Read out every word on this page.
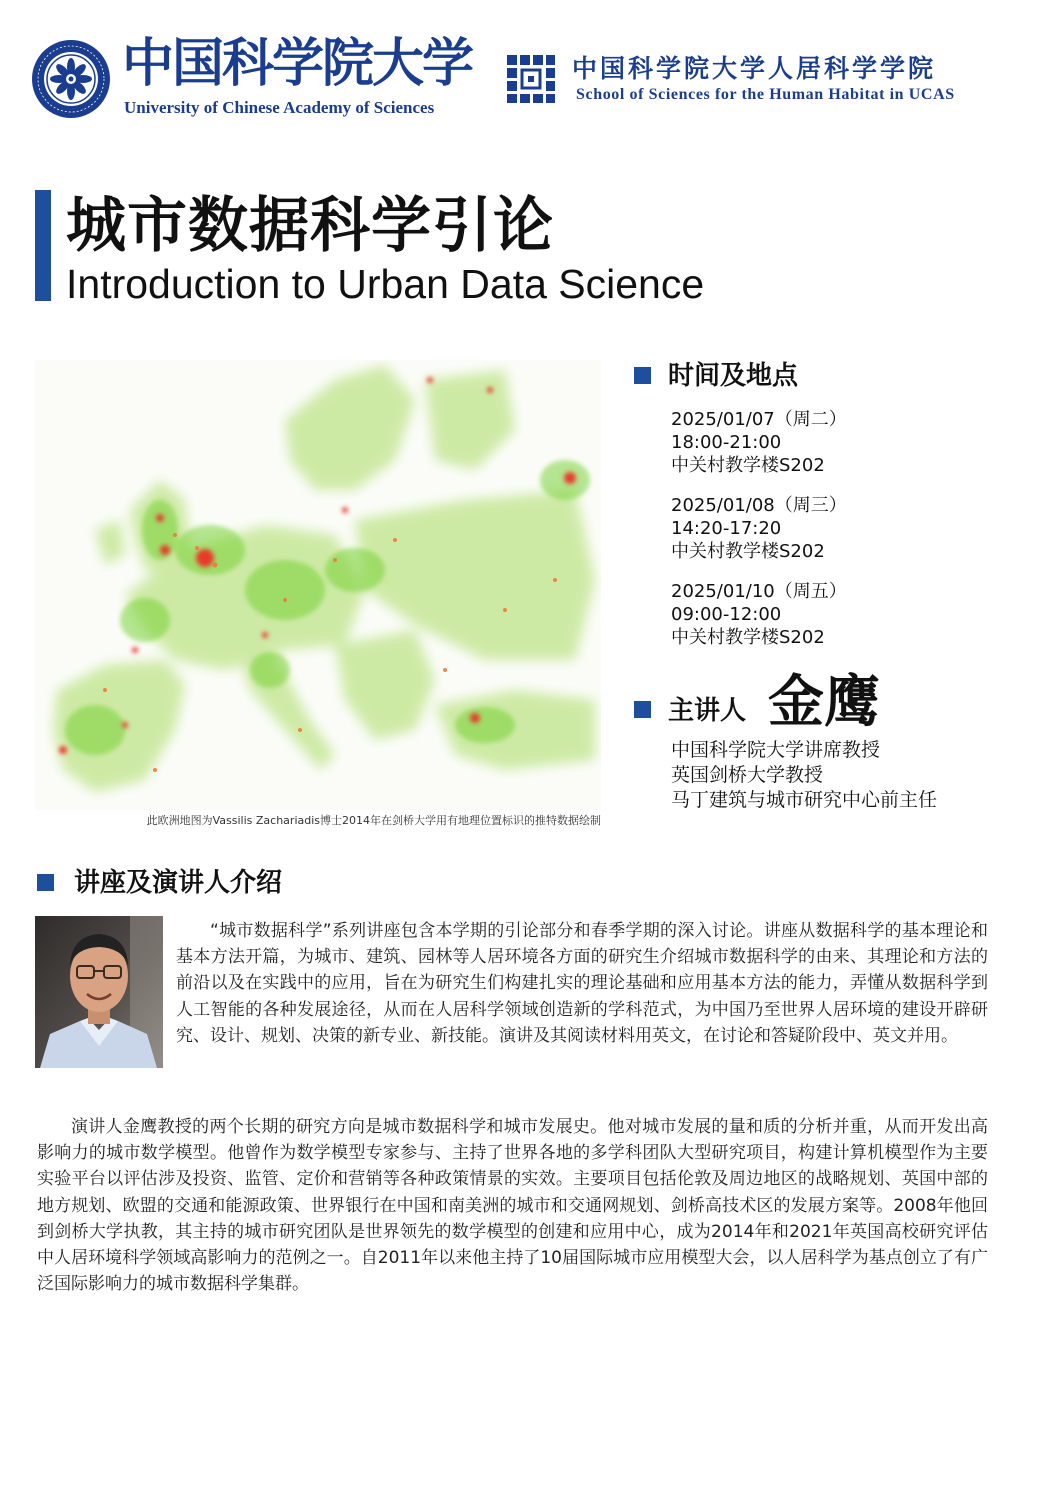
中国科学院大学
University of Chinese Academy of Sciences
中国科学院大学人居科学学院
School of Sciences for the Human Habitat in UCAS
城市数据科学引论
Introduction to Urban Data Science
此欧洲地图为Vassilis Zachariadis博士2014年在剑桥大学用有地理位置标识的推特数据绘制
时间及地点
2025/01/07（周二）
18:00-21:00
中关村教学楼S202
2025/01/08（周三）
14:20-17:20
中关村教学楼S202
2025/01/10（周五）
09:00-12:00
中关村教学楼S202
主讲人 金鹰
中国科学院大学讲席教授
英国剑桥大学教授
马丁建筑与城市研究中心前主任
讲座及演讲人介绍

“城市数据科学”系列讲座包含本学期的引论部分和春季学期的深入讨论。讲座从数据科学的基本理论和基本方法开篇，为城市、建筑、园林等人居环境各方面的研究生介绍城市数据科学的由来、其理论和方法的前沿以及在实践中的应用，旨在为研究生们构建扎实的理论基础和应用基本方法的能力，弄懂从数据科学到人工智能的各种发展途径，从而在人居科学领域创造新的学科范式，为中国乃至世界人居环境的建设开辟研究、设计、规划、决策的新专业、新技能。演讲及其阅读材料用英文，在讨论和答疑阶段中、英文并用。

演讲人金鹰教授的两个长期的研究方向是城市数据科学和城市发展史。他对城市发展的量和质的分析并重，从而开发出高影响力的城市数学模型。他曾作为数学模型专家参与、主持了世界各地的多学科团队大型研究项目，构建计算机模型作为主要实验平台以评估涉及投资、监管、定价和营销等各种政策情景的实效。主要项目包括伦敦及周边地区的战略规划、英国中部的地方规划、欧盟的交通和能源政策、世界银行在中国和南美洲的城市和交通网规划、剑桥高技术区的发展方案等。2008年他回到剑桥大学执教，其主持的城市研究团队是世界领先的数学模型的创建和应用中心，成为2014年和2021年英国高校研究评估中人居环境科学领域高影响力的范例之一。自2011年以来他主持了10届国际城市应用模型大会，以人居科学为基点创立了有广泛国际影响力的城市数据科学集群。
